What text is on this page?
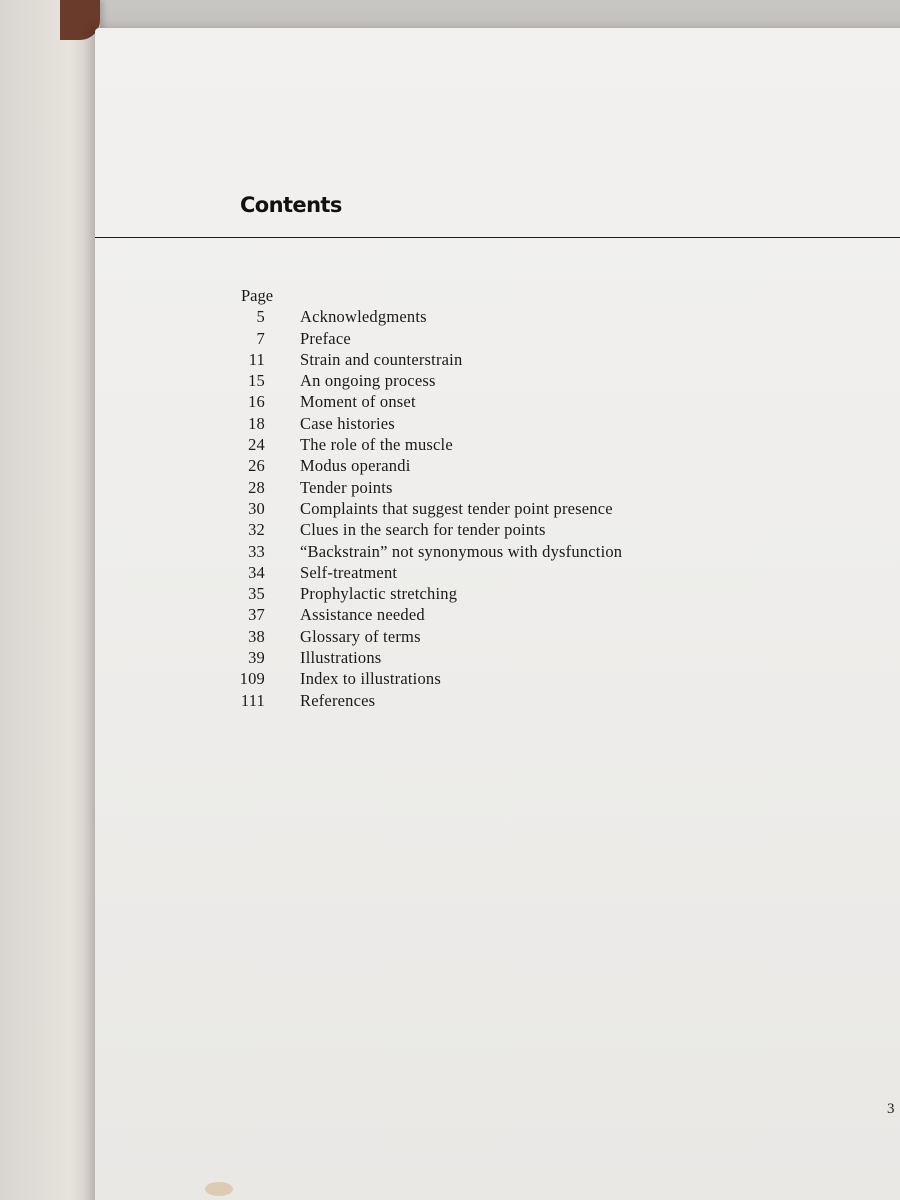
Contents
Page
5 Acknowledgments
7 Preface
11 Strain and counterstrain
15 An ongoing process
16 Moment of onset
18 Case histories
24 The role of the muscle
26 Modus operandi
28 Tender points
30 Complaints that suggest tender point presence
32 Clues in the search for tender points
33 “Backstrain” not synonymous with dysfunction
34 Self-treatment
35 Prophylactic stretching
37 Assistance needed
38 Glossary of terms
39 Illustrations
109 Index to illustrations
111 References
3
